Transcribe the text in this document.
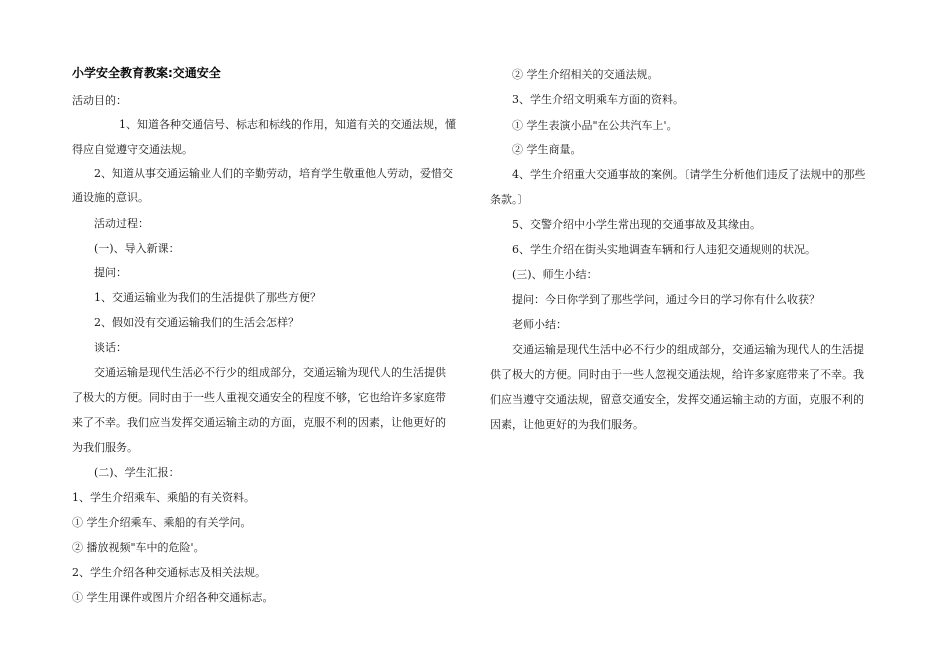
小学安全教育教案:交通安全
活动目的：
1、知道各种交通信号、标志和标线的作用，知道有关的交通法规，懂
得应自觉遵守交通法规。
2、知道从事交通运输业人们的辛勤劳动，培育学生敬重他人劳动，爱惜交
通设施的意识。
活动过程：
(一)、导入新课：
提问：
1、交通运输业为我们的生活提供了那些方便？
2、假如没有交通运输我们的生活会怎样？
谈话：
交通运输是现代生活必不行少的组成部分，交通运输为现代人的生活提供
了极大的方便。同时由于一些人重视交通安全的程度不够，它也给许多家庭带
来了不幸。我们应当发挥交通运输主动的方面，克服不利的因素，让他更好的
为我们服务。
(二)、学生汇报：
1、学生介绍乘车、乘船的有关资料。
① 学生介绍乘车、乘船的有关学问。
② 播放视频"车中的危险'。
2、学生介绍各种交通标志及相关法规。
① 学生用课件或图片介绍各种交通标志。
② 学生介绍相关的交通法规。
3、学生介绍文明乘车方面的资料。
① 学生表演小品"在公共汽车上'。
② 学生商量。
4、学生介绍重大交通事故的案例。〔请学生分析他们违反了法规中的那些
条款。〕
5、交警介绍中小学生常出现的交通事故及其缘由。
6、学生介绍在街头实地调查车辆和行人违犯交通规则的状况。
(三)、师生小结：
提问：今日你学到了那些学问，通过今日的学习你有什么收获？
老师小结：
交通运输是现代生活中必不行少的组成部分，交通运输为现代人的生活提
供了极大的方便。同时由于一些人忽视交通法规，给许多家庭带来了不幸。我
们应当遵守交通法规，留意交通安全，发挥交通运输主动的方面，克服不利的
因素，让他更好的为我们服务。
